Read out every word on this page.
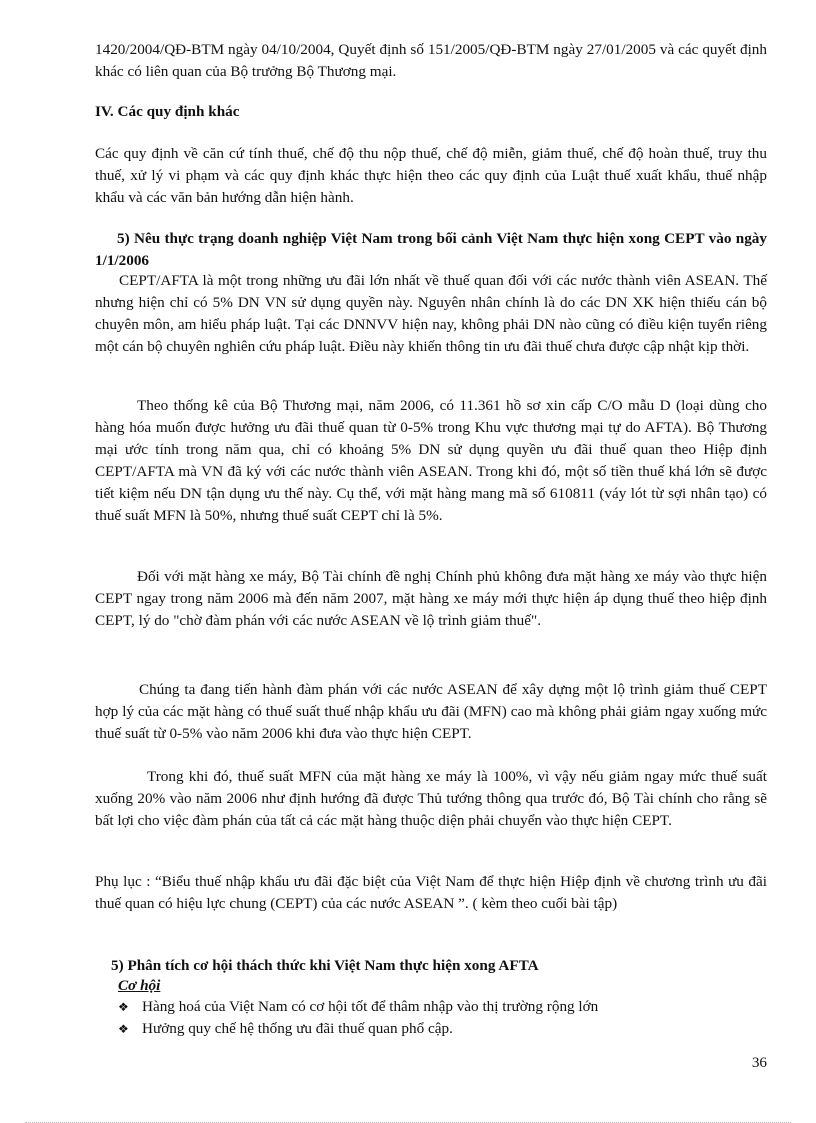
1420/2004/QĐ-BTM ngày 04/10/2004, Quyết định số 151/2005/QĐ-BTM ngày 27/01/2005 và các quyết định khác có liên quan của Bộ trưởng Bộ Thương mại.
IV. Các quy định khác
Các quy định về căn cứ tính thuế, chế độ thu nộp thuế, chế độ miễn, giảm thuế, chế độ hoàn thuế, truy thu thuế, xử lý vi phạm và các quy định khác thực hiện theo các quy định của Luật thuế xuất khẩu, thuế nhập khẩu và các văn bản hướng dẫn hiện hành.
5) Nêu thực trạng doanh nghiệp Việt Nam trong bối cảnh Việt Nam thực hiện xong CEPT vào ngày 1/1/2006
CEPT/AFTA là một trong những ưu đãi lớn nhất về thuế quan đối với các nước thành viên ASEAN. Thế nhưng hiện chỉ có 5% DN VN sử dụng quyền này. Nguyên nhân chính là do các DN XK hiện thiếu cán bộ chuyên môn, am hiểu pháp luật. Tại các DNNVV hiện nay, không phải DN nào cũng có điều kiện tuyển riêng một cán bộ chuyên nghiên cứu pháp luật. Điều này khiến thông tin ưu đãi thuế chưa được cập nhật kịp thời.
Theo thống kê của Bộ Thương mại, năm 2006, có 11.361 hồ sơ xin cấp C/O mẫu D (loại dùng cho hàng hóa muốn được hưởng ưu đãi thuế quan từ 0-5% trong Khu vực thương mại tự do AFTA). Bộ Thương mại ước tính trong năm qua, chỉ có khoảng 5% DN sử dụng quyền ưu đãi thuế quan theo Hiệp định CEPT/AFTA mà VN đã ký với các nước thành viên ASEAN. Trong khi đó, một số tiền thuế khá lớn sẽ được tiết kiệm nếu DN tận dụng ưu thế này. Cụ thể, với mặt hàng mang mã số 610811 (váy lót từ sợi nhân tạo) có thuế suất MFN là 50%, nhưng thuế suất CEPT chỉ là 5%.
Đối với mặt hàng xe máy, Bộ Tài chính đề nghị Chính phủ không đưa mặt hàng xe máy vào thực hiện CEPT ngay trong năm 2006 mà đến năm 2007, mặt hàng xe máy mới thực hiện áp dụng thuế theo hiệp định CEPT, lý do "chờ đàm phán với các nước ASEAN về lộ trình giảm thuế".
Chúng ta đang tiến hành đàm phán với các nước ASEAN để xây dựng một lộ trình giảm thuế CEPT hợp lý của các mặt hàng có thuế suất thuế nhập khẩu ưu đãi (MFN) cao mà không phải giảm ngay xuống mức thuế suất từ 0-5% vào năm 2006 khi đưa vào thực hiện CEPT.
Trong khi đó, thuế suất MFN của mặt hàng xe máy là 100%, vì vậy nếu giảm ngay mức thuế suất xuống 20% vào năm 2006 như định hướng đã được Thủ tướng thông qua trước đó, Bộ Tài chính cho rằng sẽ bất lợi cho việc đàm phán của tất cả các mặt hàng thuộc diện phải chuyển vào thực hiện CEPT.
Phụ lục : “Biểu thuế nhập khẩu ưu đãi đặc biệt của Việt Nam để thực hiện Hiệp định về chương trình ưu đãi thuế quan có hiệu lực chung (CEPT) của các nước ASEAN ”. ( kèm theo cuối bài tập)
5) Phân tích cơ hội thách thức khi Việt Nam thực hiện xong AFTA
Cơ hội
❖ Hàng hoá của Việt Nam có cơ hội tốt để thâm nhập vào thị trường rộng lớn
❖ Hưởng quy chế hệ thống ưu đãi thuế quan phổ cập.
36
